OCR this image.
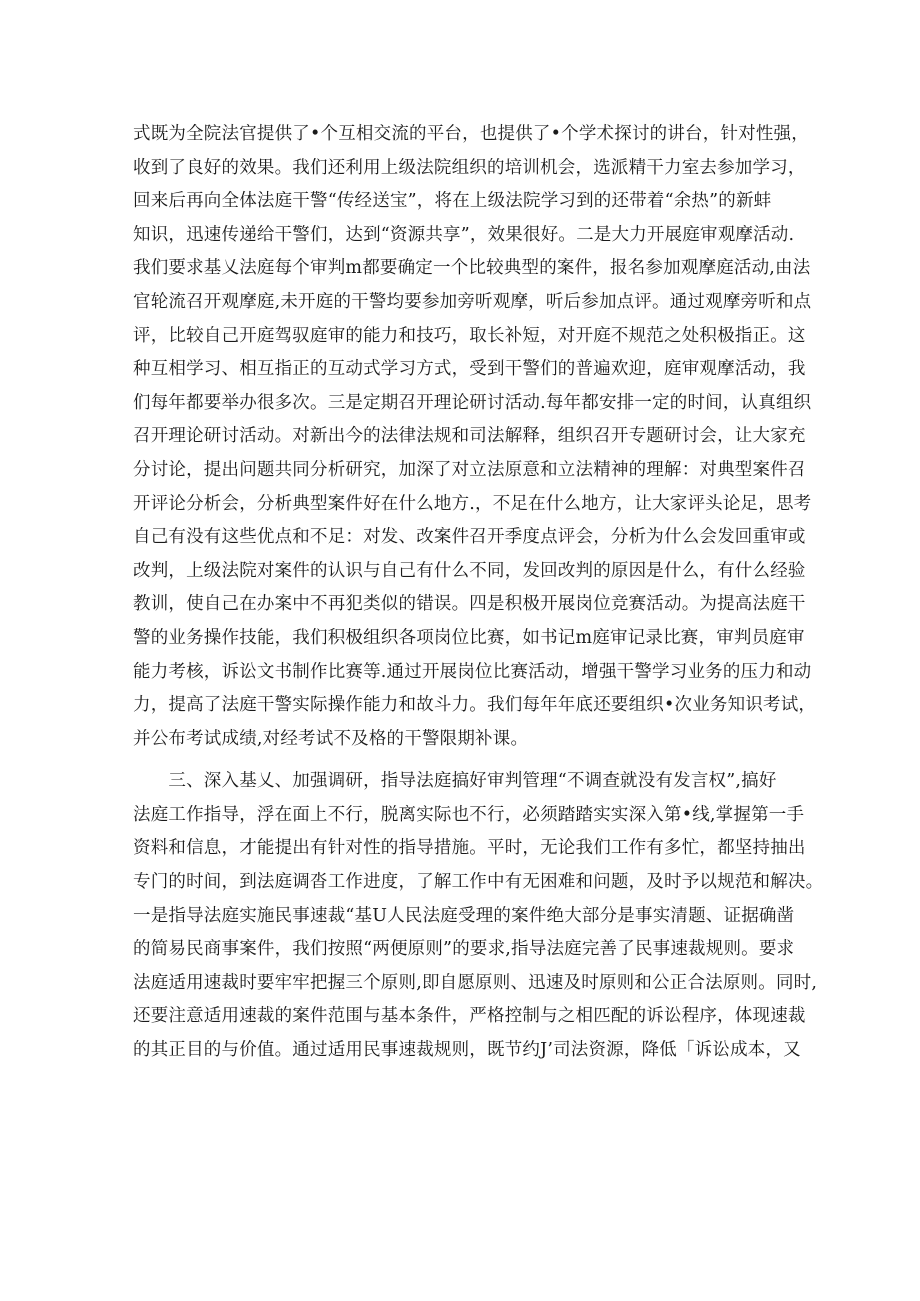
式既为全院法官提供了•个互相交流的平台，也提供了•个学术探讨的讲台，针对性强，
收到了良好的效果。我们还利用上级法院组织的培训机会，选派精干力室去参加学习，
回来后再向全体法庭干警“传经送宝”，将在上级法院学习到的还带着“余热”的新蚌
知识，迅速传递给干警们，达到“资源共享”，效果很好。二是大力开展庭审观摩活动.
我们要求基乂法庭每个审判m都要确定一个比较典型的案件，报名参加观摩庭活动,由法
官轮流召开观摩庭,未开庭的干警均要参加旁听观摩，听后参加点评。通过观摩旁听和点
评，比较自己开庭驾驭庭审的能力和技巧，取长补短，对开庭不规范之处积极指正。这
种互相学习、相互指正的互动式学习方式，受到干警们的普遍欢迎，庭审观摩活动，我
们每年都要举办很多次。三是定期召开理论研讨活动.每年都安排一定的时间，认真组织
召开理论研讨活动。对新出今的法律法规和司法解释，组织召开专题研讨会，让大家充
分讨论，提出问题共同分析研究，加深了对立法原意和立法精神的理解：对典型案件召
开评论分析会，分析典型案件好在什么地方.，不足在什么地方，让大家评头论足，思考
自己有没有这些优点和不足：对发、改案件召开季度点评会，分析为什么会发回重审或
改判，上级法院对案件的认识与自己有什么不同，发回改判的原因是什么，有什么经验
教训，使自己在办案中不再犯类似的错误。四是积极开展岗位竞赛活动。为提高法庭干
警的业务操作技能，我们积极组织各项岗位比赛，如书记m庭审记录比赛，审判员庭审
能力考核，诉讼文书制作比赛等.通过开展岗位比赛活动，增强干警学习业务的压力和动
力，提高了法庭干警实际操作能力和故斗力。我们每年年底还要组织•次业务知识考试，
并公布考试成绩,对经考试不及格的干警限期补课。
　　三、深入基乂、加强调研，指导法庭搞好审判管理“不调查就没有发言权”,搞好
法庭工作指导，浮在面上不行，脱离实际也不行，必须踏踏实实深入第•线,掌握第一手
资料和信息，才能提出有针对性的指导措施。平时，无论我们工作有多忙，都坚持抽出
专门的时间，到法庭调沓工作进度，了解工作中有无困难和问题，及时予以规范和解决。
一是指导法庭实施民事速裁“基U人民法庭受理的案件绝大部分是事实清题、证据确凿
的简易民商事案件，我们按照“两便原则”的要求,指导法庭完善了民事速裁规则。要求
法庭适用速裁时要牢牢把握三个原则,即自愿原则、迅速及时原则和公正合法原则。同时,
还要注意适用速裁的案件范围与基本条件，严格控制与之相匹配的诉讼程序，体现速裁
的其正目的与价值。通过适用民事速裁规则，既节约J’司法资源，降低「诉讼成本，又
